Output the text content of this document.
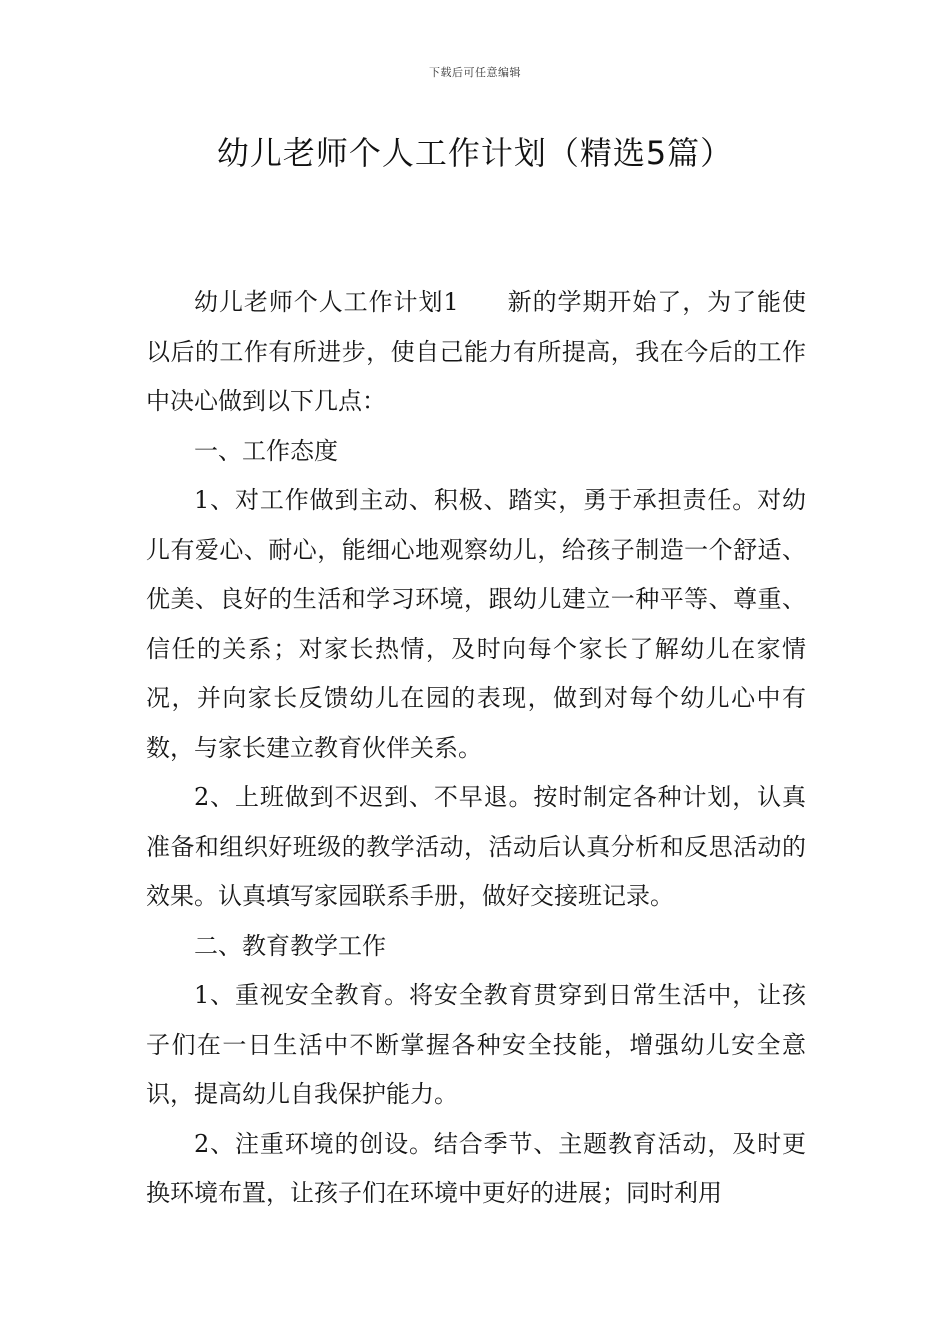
下载后可任意编辑
幼儿老师个人工作计划（精选5篇）

幼儿老师个人工作计划1 新的学期开始了，为了能使以后的工作有所进步，使自己能力有所提高，我在今后的工作中决心做到以下几点：

一、工作态度

1、对工作做到主动、积极、踏实，勇于承担责任。对幼儿有爱心、耐心，能细心地观察幼儿，给孩子制造一个舒适、优美、良好的生活和学习环境，跟幼儿建立一种平等、尊重、信任的关系；对家长热情，及时向每个家长了解幼儿在家情况，并向家长反馈幼儿在园的表现，做到对每个幼儿心中有数，与家长建立教育伙伴关系。

2、上班做到不迟到、不早退。按时制定各种计划，认真准备和组织好班级的教学活动，活动后认真分析和反思活动的效果。认真填写家园联系手册，做好交接班记录。

二、教育教学工作

1、重视安全教育。将安全教育贯穿到日常生活中，让孩子们在一日生活中不断掌握各种安全技能，增强幼儿安全意识，提高幼儿自我保护能力。

2、注重环境的创设。结合季节、主题教育活动，及时更换环境布置，让孩子们在环境中更好的进展；同时利用
